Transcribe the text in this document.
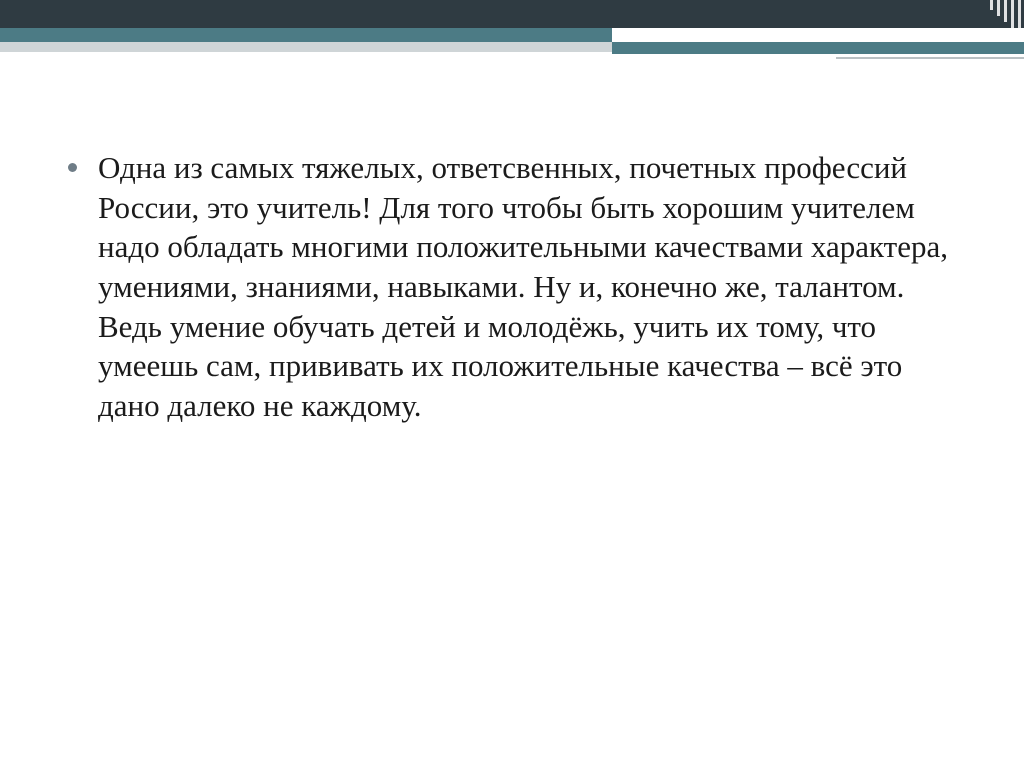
Одна из самых тяжелых, ответсвенных, почетных профессий России, это учитель! Для того чтобы быть хорошим учителем надо обладать многими положительными качествами характера, умениями, знаниями, навыками. Ну и, конечно же, талантом. Ведь умение обучать детей и молодёжь, учить их тому, что умеешь сам, прививать их положительные качества – всё это дано далеко не каждому.
